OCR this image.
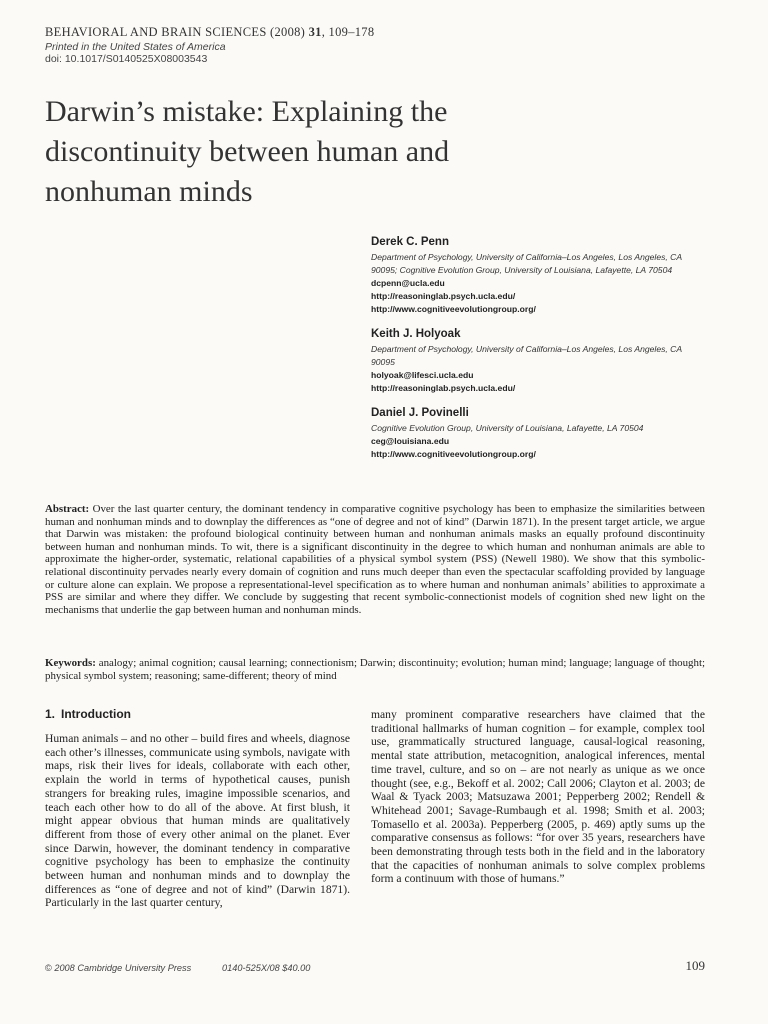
BEHAVIORAL AND BRAIN SCIENCES (2008) 31, 109–178
Printed in the United States of America
doi: 10.1017/S0140525X08003543
Darwin’s mistake: Explaining the discontinuity between human and nonhuman minds
Derek C. Penn
Department of Psychology, University of California–Los Angeles, Los Angeles, CA 90095; Cognitive Evolution Group, University of Louisiana, Lafayette, LA 70504
dcpenn@ucla.edu
http://reasoninglab.psych.ucla.edu/
http://www.cognitiveevolutiongroup.org/
Keith J. Holyoak
Department of Psychology, University of California–Los Angeles, Los Angeles, CA 90095
holyoak@lifesci.ucla.edu
http://reasoninglab.psych.ucla.edu/
Daniel J. Povinelli
Cognitive Evolution Group, University of Louisiana, Lafayette, LA 70504
ceg@louisiana.edu
http://www.cognitiveevolutiongroup.org/
Abstract: Over the last quarter century, the dominant tendency in comparative cognitive psychology has been to emphasize the similarities between human and nonhuman minds and to downplay the differences as “one of degree and not of kind” (Darwin 1871). In the present target article, we argue that Darwin was mistaken: the profound biological continuity between human and nonhuman animals masks an equally profound discontinuity between human and nonhuman minds. To wit, there is a significant discontinuity in the degree to which human and nonhuman animals are able to approximate the higher-order, systematic, relational capabilities of a physical symbol system (PSS) (Newell 1980). We show that this symbolic-relational discontinuity pervades nearly every domain of cognition and runs much deeper than even the spectacular scaffolding provided by language or culture alone can explain. We propose a representational-level specification as to where human and nonhuman animals’ abilities to approximate a PSS are similar and where they differ. We conclude by suggesting that recent symbolic-connectionist models of cognition shed new light on the mechanisms that underlie the gap between human and nonhuman minds.
Keywords: analogy; animal cognition; causal learning; connectionism; Darwin; discontinuity; evolution; human mind; language; language of thought; physical symbol system; reasoning; same-different; theory of mind
1. Introduction
Human animals – and no other – build fires and wheels, diagnose each other’s illnesses, communicate using symbols, navigate with maps, risk their lives for ideals, collaborate with each other, explain the world in terms of hypothetical causes, punish strangers for breaking rules, imagine impossible scenarios, and teach each other how to do all of the above. At first blush, it might appear obvious that human minds are qualitatively different from those of every other animal on the planet. Ever since Darwin, however, the dominant tendency in comparative cognitive psychology has been to emphasize the continuity between human and nonhuman minds and to downplay the differences as “one of degree and not of kind” (Darwin 1871). Particularly in the last quarter century,
many prominent comparative researchers have claimed that the traditional hallmarks of human cognition – for example, complex tool use, grammatically structured language, causal-logical reasoning, mental state attribution, metacognition, analogical inferences, mental time travel, culture, and so on – are not nearly as unique as we once thought (see, e.g., Bekoff et al. 2002; Call 2006; Clayton et al. 2003; de Waal & Tyack 2003; Matsuzawa 2001; Pepperberg 2002; Rendell & Whitehead 2001; Savage-Rumbaugh et al. 1998; Smith et al. 2003; Tomasello et al. 2003a). Pepperberg (2005, p. 469) aptly sums up the comparative consensus as follows: “for over 35 years, researchers have been demonstrating through tests both in the field and in the laboratory that the capacities of nonhuman animals to solve complex problems form a continuum with those of humans.”
© 2008 Cambridge University Press	0140-525X/08 $40.00	109
